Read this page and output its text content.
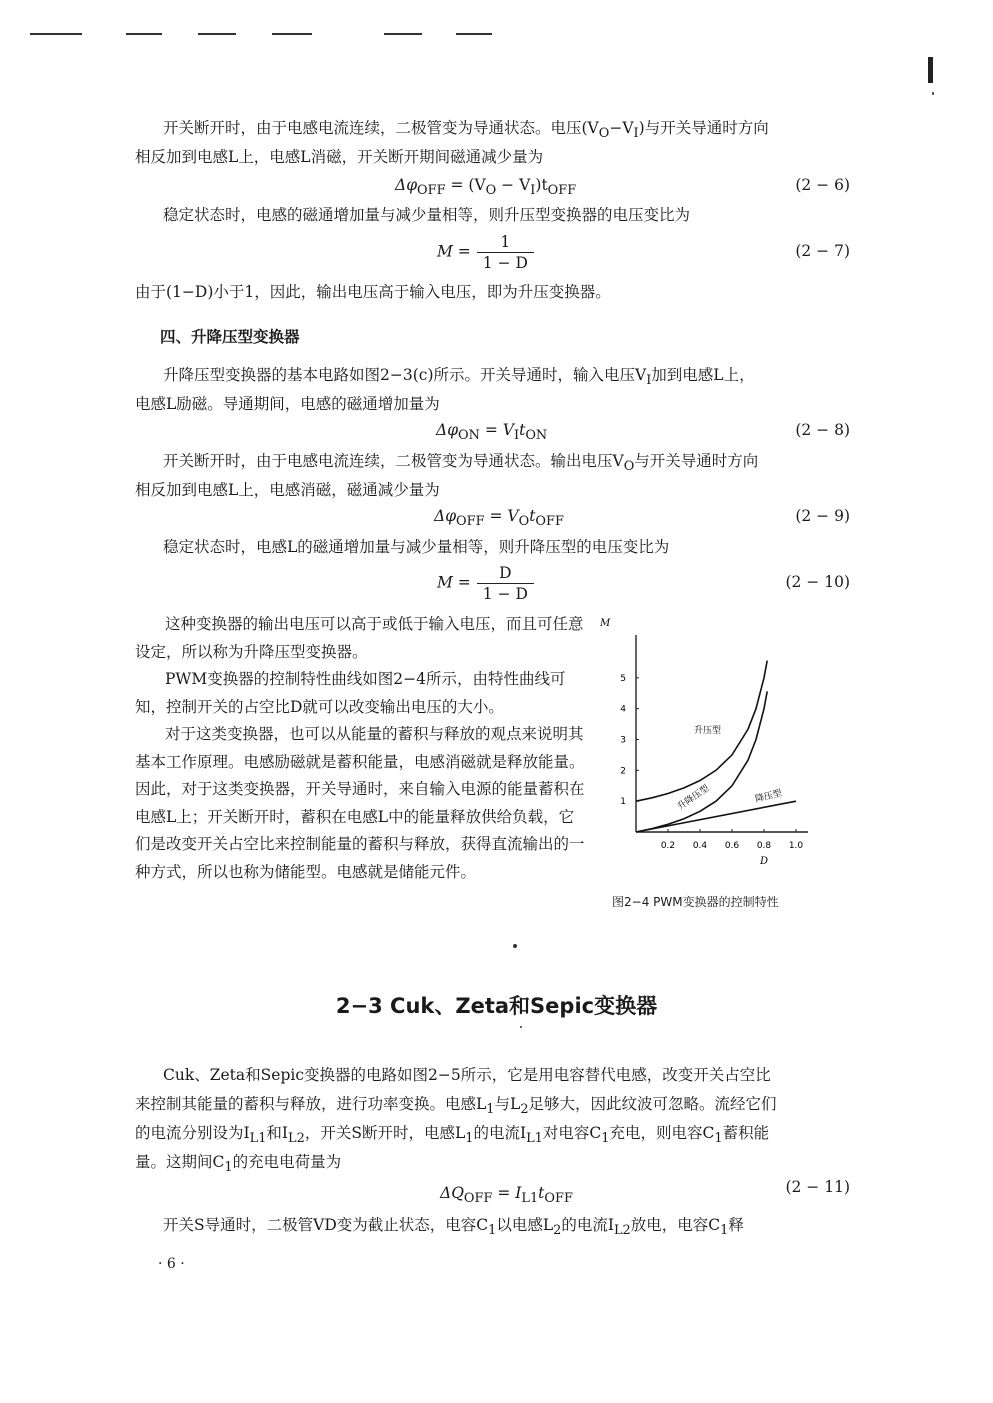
开关断开时，由于电感电流连续，二极管变为导通状态。电压$(V_O-V_I)$与开关导通时方向
相反加到电感L上，电感L消磁，开关断开期间磁通减少量为
$\Delta\varphi_{OFF} = (V_O - V_I)t_{OFF}$	(2 − 6)
稳定状态时，电感的磁通增加量与减少量相等，则升压型变换器的电压变比为
$M = \frac{1}{1 - D}$	(2 − 7)
由于(1−D)小于1，因此，输出电压高于输入电压，即为升压变换器。
四、升降压型变换器
升降压型变换器的基本电路如图2−3(c)所示。开关导通时，输入电压$V_I$加到电感L上，
电感L励磁。导通期间，电感的磁通增加量为
$\Delta\varphi_{ON} = V_It_{ON}$	(2 − 8)
开关断开时，由于电感电流连续，二极管变为导通状态。输出电压$V_O$与开关导通时方向
相反加到电感L上，电感消磁，磁通减少量为
$\Delta\varphi_{OFF} = V_Ot_{OFF}$	(2 − 9)
稳定状态时，电感L的磁通增加量与减少量相等，则升降压型的电压变比为
$M = \frac{D}{1 - D}$	(2 − 10)

这种变换器的输出电压可以高于或低于输入电压，而且可任意设定，所以称为升降压型变换器。

PWM变换器的控制特性曲线如图2−4所示，由特性曲线可知，控制开关的占空比D就可以改变输出电压的大小。

对于这类变换器，也可以从能量的蓄积与释放的观点来说明其基本工作原理。电感励磁就是蓄积能量，电感消磁就是释放能量。因此，对于这类变换器，开关导通时，来自输入电源的能量蓄积在电感L上；开关断开时，蓄积在电感L中的能量释放供给负载，它们是改变开关占空比来控制能量的蓄积与释放，获得直流输出的一种方式，所以也称为储能型。电感就是储能元件。

M
D
0.2 0.4 0.6 0.8 1.0
1
2
3
4
5
升压型
升降压型	降压型
图2−4 PWM变换器的控制特性
2−3 Cuk、Zeta和Sepic变换器
Cuk、Zeta和Sepic变换器的电路如图2−5所示，它是用电容替代电感，改变开关占空比
来控制其能量的蓄积与释放，进行功率变换。电感$L_1$与$L_2$足够大，因此纹波可忽略。流经它们
的电流分别设为$I_{L1}$和$I_{L2}$，开关S断开时，电感$L_1$的电流$I_{L1}$对电容$C_1$充电，则电容$C_1$蓄积能
量。这期间$C_1$的充电电荷量为
$\Delta Q_{OFF} = I_{L1}t_{OFF}$
(2 − 11)
开关S导通时，二极管VD变为截止状态，电容$C_1$以电感$L_2$的电流$I_{L2}$放电，电容$C_1$释
· 6 ·
